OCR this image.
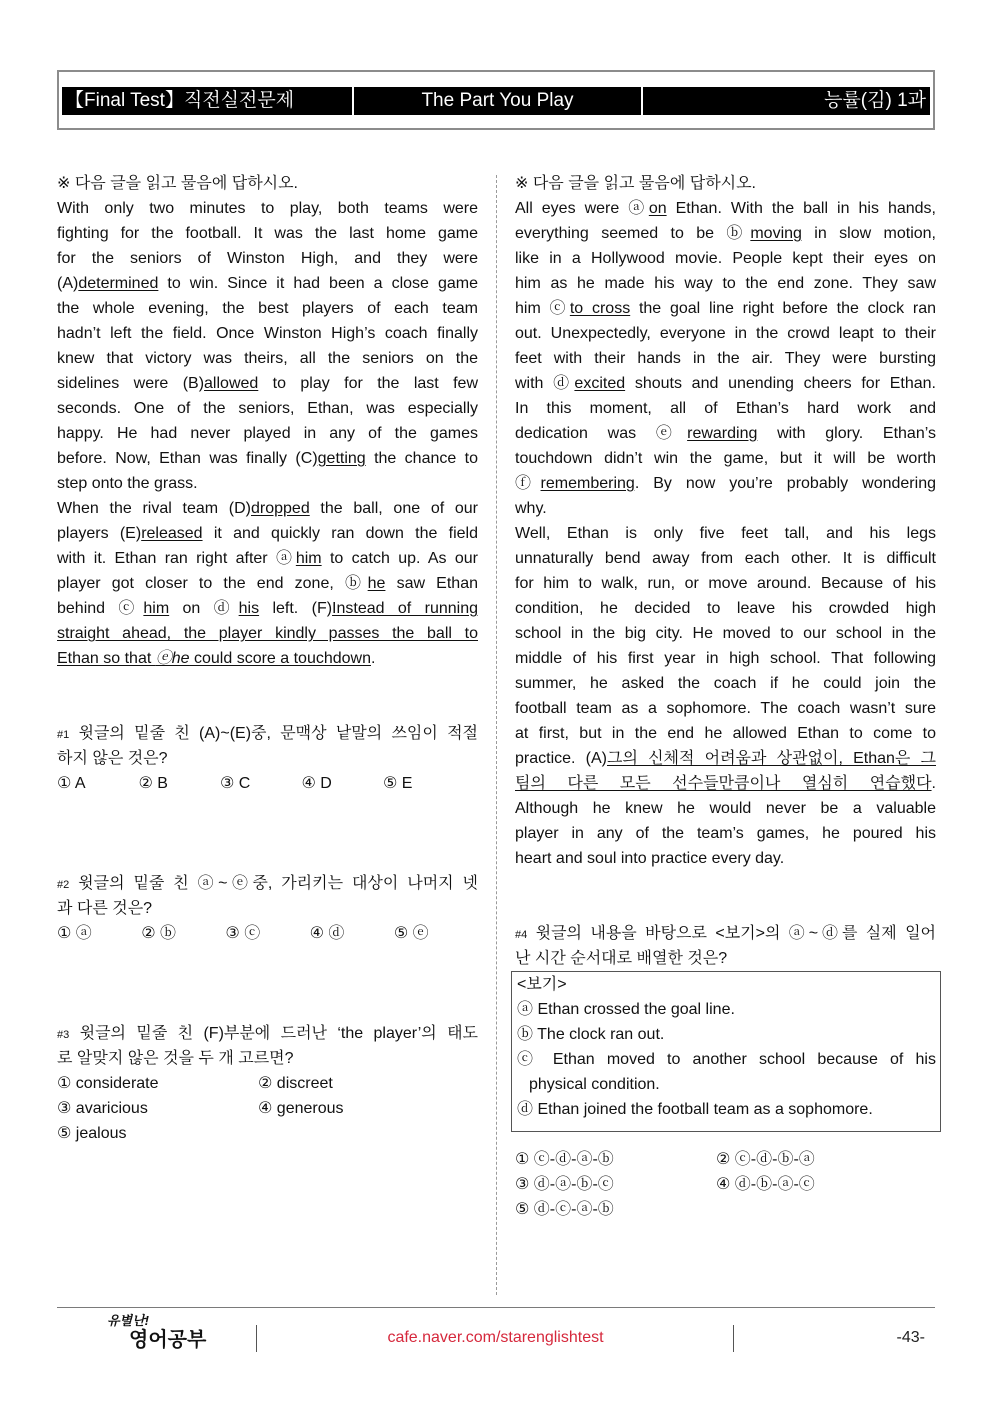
【Final Test】직전실전문제	The Part You Play	능률(김) 1과
※ 다음 글을 읽고 물음에 답하시오.
With only two minutes to play, both teams were
fighting for the football. It was the last home game
for the seniors of Winston High, and they were
(A)determined to win. Since it had been a close game
the whole evening, the best players of each team
hadn’t left the field. Once Winston High’s coach finally
knew that victory was theirs, all the seniors on the
sidelines were (B)allowed to play for the last few
seconds. One of the seniors, Ethan, was especially
happy. He had never played in any of the games
before. Now, Ethan was finally (C)getting the chance to
step onto the grass.
When the rival team (D)dropped the ball, one of our
players (E)released it and quickly ran down the field
with it. Ethan ran right after ⓐhim to catch up. As our
player got closer to the end zone, ⓑhe saw Ethan
behind ⓒhim on ⓓhis left. (F)Instead of running
straight ahead, the player kindly passes the ball to
Ethan so that ⓔhe could score a touchdown.
#1 윗글의 밑줄 친 (A)~(E)중, 문맥상 낱말의 쓰임이 적절
하지 않은 것은?
① A	② B	③ C	④ D	⑤ E
#2 윗글의 밑줄 친 ⓐ~ⓔ중, 가리키는 대상이 나머지 넷
과 다른 것은?
① ⓐ	② ⓑ	③ ⓒ	④ ⓓ	⑤ ⓔ
#3 윗글의 밑줄 친 (F)부분에 드러난 ‘the player’의 태도
로 알맞지 않은 것을 두 개 고르면?
① considerate	② discreet
③ avaricious	④ generous
⑤ jealous
※ 다음 글을 읽고 물음에 답하시오.
All eyes were ⓐon Ethan. With the ball in his hands,
everything seemed to be ⓑmoving in slow motion,
like in a Hollywood movie. People kept their eyes on
him as he made his way to the end zone. They saw
him ⓒto cross the goal line right before the clock ran
out. Unexpectedly, everyone in the crowd leapt to their
feet with their hands in the air. They were bursting
with ⓓexcited shouts and unending cheers for Ethan.
In this moment, all of Ethan’s hard work and
dedication was ⓔrewarding with glory. Ethan’s
touchdown didn’t win the game, but it will be worth
ⓕremembering. By now you’re probably wondering
why.
Well, Ethan is only five feet tall, and his legs
unnaturally bend away from each other. It is difficult
for him to walk, run, or move around. Because of his
condition, he decided to leave his crowded high
school in the big city. He moved to our school in the
middle of his first year in high school. That following
summer, he asked the coach if he could join the
football team as a sophomore. The coach wasn’t sure
at first, but in the end he allowed Ethan to come to
practice. (A)그의 신체적 어려움과 상관없이, Ethan은 그
팀의 다른 모든 선수들만큼이나 열심히 연습했다.
Although he knew he would never be a valuable
player in any of the team’s games, he poured his
heart and soul into practice every day.
#4 윗글의 내용을 바탕으로 <보기>의 ⓐ~ⓓ를 실제 일어
난 시간 순서대로 배열한 것은?
<보기>
ⓐ Ethan crossed the goal line.
ⓑ The clock ran out.
ⓒ Ethan moved to another school because of his
physical condition.
ⓓ Ethan joined the football team as a sophomore.
① ⓒ-ⓓ-ⓐ-ⓑ	② ⓒ-ⓓ-ⓑ-ⓐ
③ ⓓ-ⓐ-ⓑ-ⓒ	④ ⓓ-ⓑ-ⓐ-ⓒ
⑤ ⓓ-ⓒ-ⓐ-ⓑ
유별난!
영어공부	cafe.naver.com/starenglishtest	-43-
